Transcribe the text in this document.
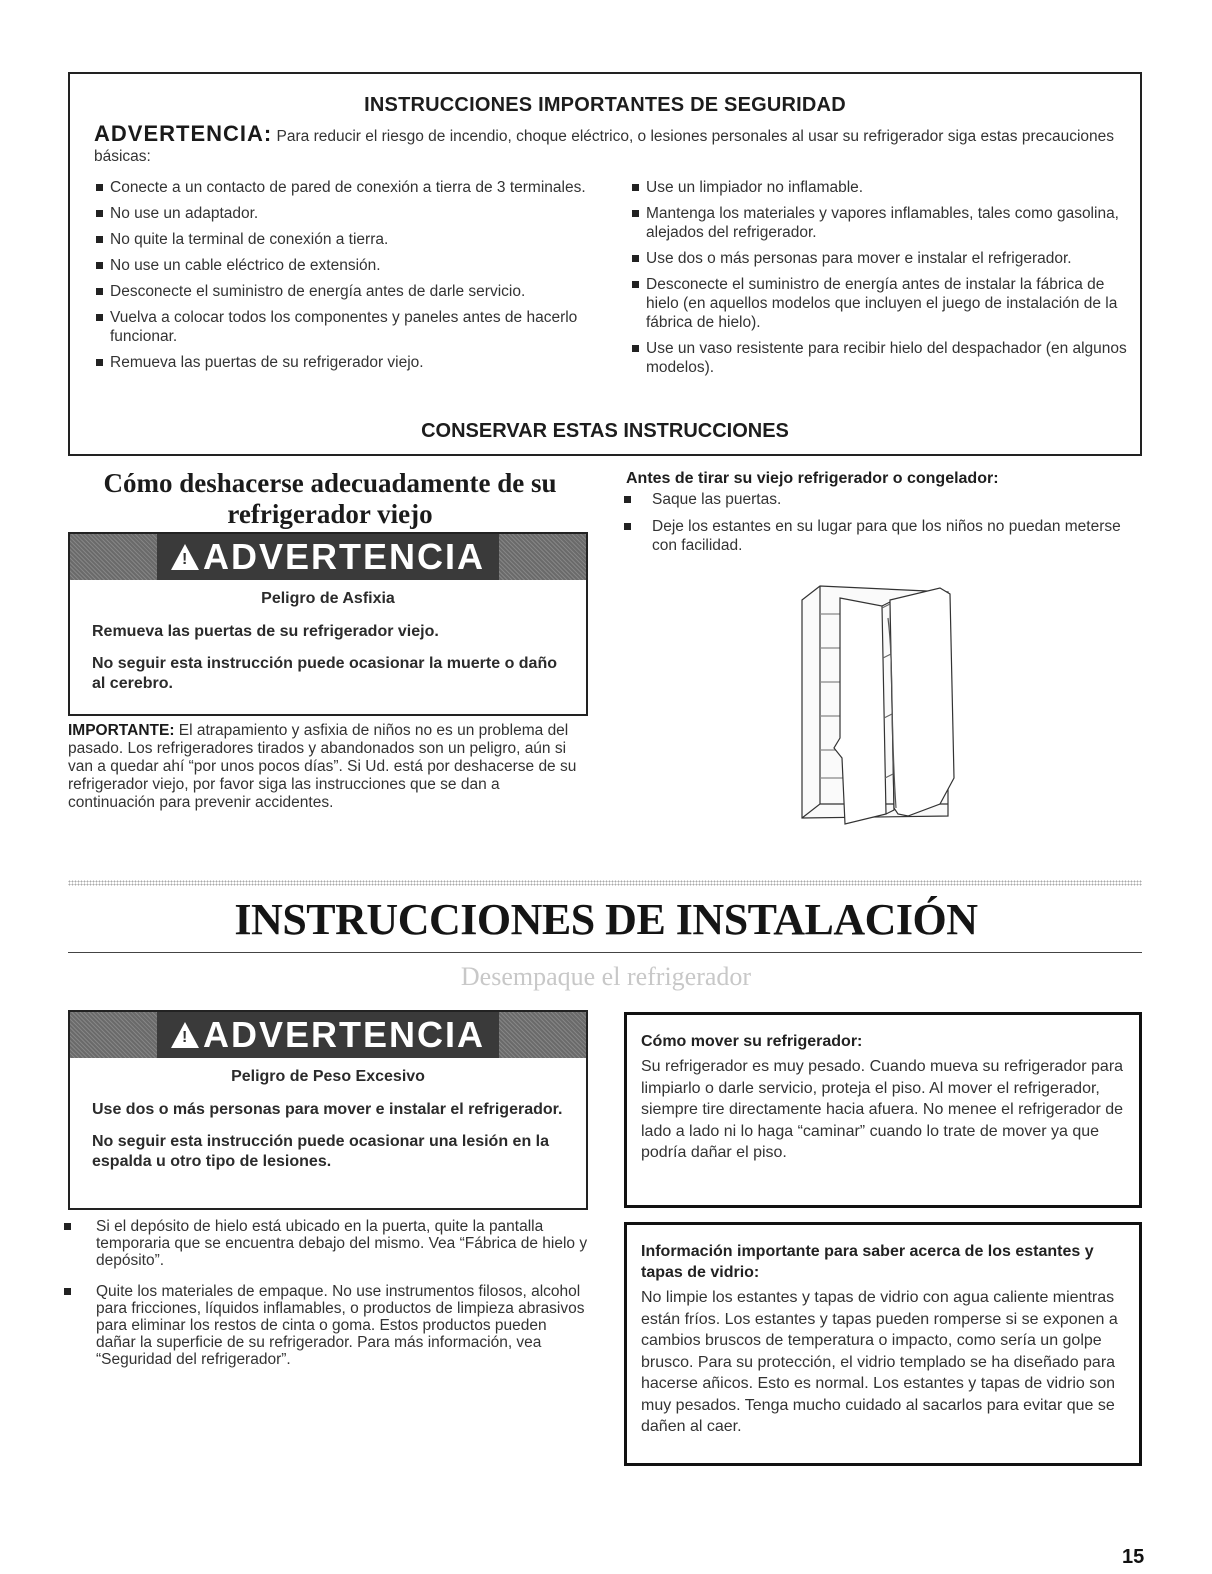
INSTRUCCIONES IMPORTANTES DE SEGURIDAD
ADVERTENCIA: Para reducir el riesgo de incendio, choque eléctrico, o lesiones personales al usar su refrigerador siga estas precauciones básicas:
Conecte a un contacto de pared de conexión a tierra de 3 terminales.
No use un adaptador.
No quite la terminal de conexión a tierra.
No use un cable eléctrico de extensión.
Desconecte el suministro de energía antes de darle servicio.
Vuelva a colocar todos los componentes y paneles antes de hacerlo funcionar.
Remueva las puertas de su refrigerador viejo.
Use un limpiador no inflamable.
Mantenga los materiales y vapores inflamables, tales como gasolina, alejados del refrigerador.
Use dos o más personas para mover e instalar el refrigerador.
Desconecte el suministro de energía antes de instalar la fábrica de hielo (en aquellos modelos que incluyen el juego de instalación de la fábrica de hielo).
Use un vaso resistente para recibir hielo del despachador (en algunos modelos).
CONSERVAR ESTAS INSTRUCCIONES
Cómo deshacerse adecuadamente de su refrigerador viejo
! ADVERTENCIA
Peligro de Asfixia

Remueva las puertas de su refrigerador viejo.

No seguir esta instrucción puede ocasionar la muerte o daño al cerebro.

IMPORTANTE: El atrapamiento y asfixia de niños no es un problema del pasado. Los refrigeradores tirados y abandonados son un peligro, aún si van a quedar ahí “por unos pocos días”. Si Ud. está por deshacerse de su refrigerador viejo, por favor siga las instrucciones que se dan a continuación para prevenir accidentes.
Antes de tirar su viejo refrigerador o congelador:
Saque las puertas.
Deje los estantes en su lugar para que los niños no puedan meterse con facilidad.
INSTRUCCIONES DE INSTALACIÓN
Desempaque el refrigerador
! ADVERTENCIA
Peligro de Peso Excesivo

Use dos o más personas para mover e instalar el refrigerador.

No seguir esta instrucción puede ocasionar una lesión en la espalda u otro tipo de lesiones.

Si el depósito de hielo está ubicado en la puerta, quite la pantalla temporaria que se encuentra debajo del mismo. Vea “Fábrica de hielo y depósito”.
Quite los materiales de empaque. No use instrumentos filosos, alcohol para fricciones, líquidos inflamables, o productos de limpieza abrasivos para eliminar los restos de cinta o goma. Estos productos pueden dañar la superficie de su refrigerador. Para más información, vea “Seguridad del refrigerador”.
Cómo mover su refrigerador:
Su refrigerador es muy pesado. Cuando mueva su refrigerador para limpiarlo o darle servicio, proteja el piso. Al mover el refrigerador, siempre tire directamente hacia afuera. No menee el refrigerador de lado a lado ni lo haga “caminar” cuando lo trate de mover ya que podría dañar el piso.
Información importante para saber acerca de los estantes y tapas de vidrio:
No limpie los estantes y tapas de vidrio con agua caliente mientras están fríos. Los estantes y tapas pueden romperse si se exponen a cambios bruscos de temperatura o impacto, como sería un golpe brusco. Para su protección, el vidrio templado se ha diseñado para hacerse añicos. Esto es normal. Los estantes y tapas de vidrio son muy pesados. Tenga mucho cuidado al sacarlos para evitar que se dañen al caer.
15
